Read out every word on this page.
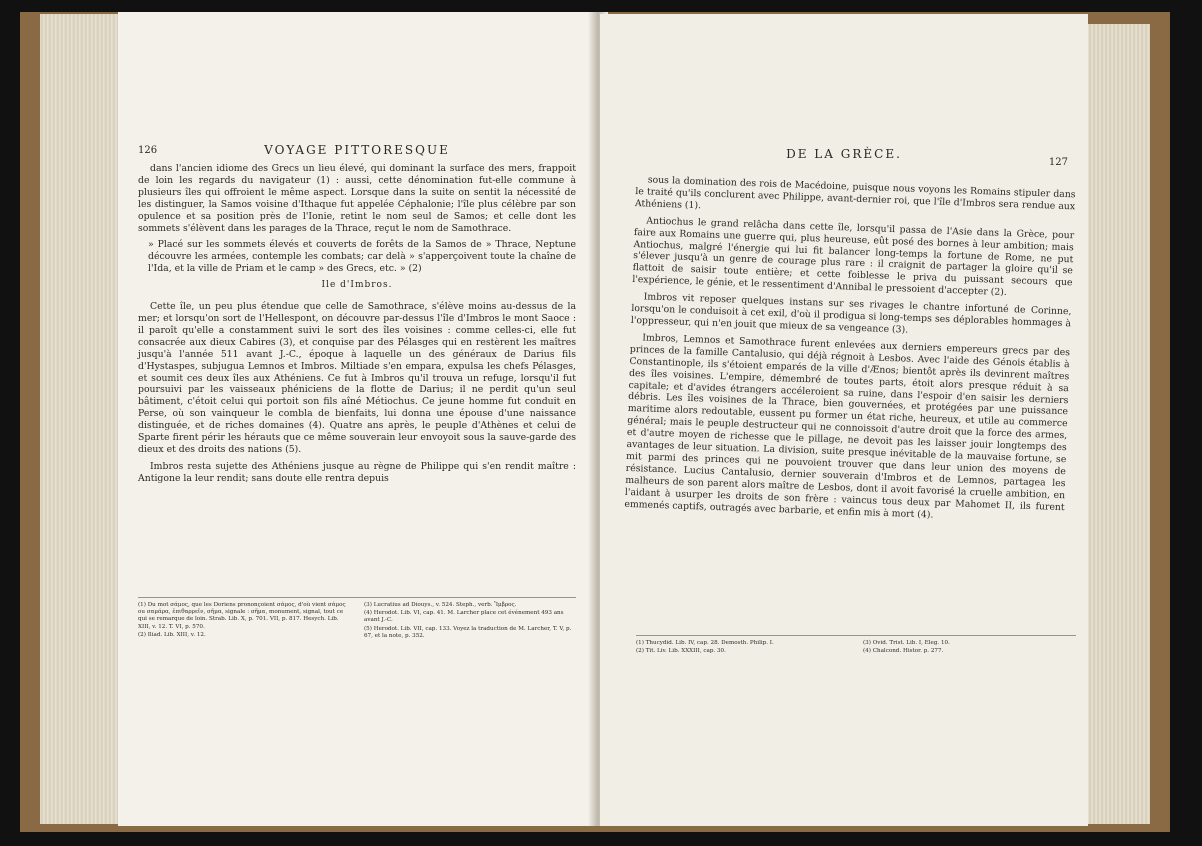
126	VOYAGE PITTORESQUE

dans l'ancien idiome des Grecs un lieu élevé, qui dominant la surface des mers, frappoit de loin les regards du navigateur (1) : aussi, cette dénomination fut-elle commune à plusieurs îles qui offroient le même aspect. Lorsque dans la suite on sentit la nécessité de les distinguer, la Samos voisine d'Ithaque fut appelée Céphalonie; l'île plus célèbre par son opulence et sa position près de l'Ionie, retint le nom seul de Samos; et celle dont les sommets s'élèvent dans les parages de la Thrace, reçut le nom de Samothrace.

» Placé sur les sommets élevés et couverts de forêts de la Samos de » Thrace, Neptune découvre les armées, contemple les combats; car delà » s'apperçoivent toute la chaîne de l'Ida, et la ville de Priam et le camp » des Grecs, etc. » (2)

Ile d'Imbros.

Cette île, un peu plus étendue que celle de Samothrace, s'élève moins au-dessus de la mer; et lorsqu'on sort de l'Hellespont, on découvre par-dessus l'île d'Imbros le mont Saoce : il paroît qu'elle a constamment suivi le sort des îles voisines : comme celles-ci, elle fut consacrée aux dieux Cabires (3), et conquise par des Pélasges qui en restèrent les maîtres jusqu'à l'année 511 avant J.-C., époque à laquelle un des généraux de Darius fils d'Hystaspes, subjugua Lemnos et Imbros. Miltiade s'en empara, expulsa les chefs Pélasges, et soumit ces deux îles aux Athéniens. Ce fut à Imbros qu'il trouva un refuge, lorsqu'il fut poursuivi par les vaisseaux phéniciens de la flotte de Darius; il ne perdit qu'un seul bâtiment, c'étoit celui qui portoit son fils aîné Métiochus. Ce jeune homme fut conduit en Perse, où son vainqueur le combla de bienfaits, lui donna une épouse d'une naissance distinguée, et de riches domaines (4). Quatre ans après, le peuple d'Athènes et celui de Sparte firent périr les hérauts que ce même souverain leur envoyoit sous la sauve-garde des dieux et des droits des nations (5).

Imbros resta sujette des Athéniens jusque au règne de Philippe qui s'en rendit maître : Antigone la leur rendit; sans doute elle rentra depuis

(1) Du mot σάμος, que les Doriens prononçoient σάμος, d'où vient σάμος ou σαμάρα, ἐπιθαρρεῖν, σῆμα, signale : σῆμα, monument, signal, tout ce qui se remarque de loin. Strab. Lib. X, p. 701. VII, p. 817. Hesych. Lib. XIII, v. 12. T. VI, p. 570.
(2) Iliad. Lib. XIII, v. 12.
(3) Lucratius ad Diouys., v. 524. Steph., verb. Ἴμβρος.
(4) Herodot. Lib. VI, cap. 41. M. Larcher place cet événement 493 ans avant J.-C.
(5) Herodot. Lib. VII, cap. 133. Voyez la traduction de M. Larcher, T. V, p. 67, et la note, p. 352.
DE LA GRÈCE.
127

sous la domination des rois de Macédoine, puisque nous voyons les Romains stipuler dans le traité qu'ils conclurent avec Philippe, avant-dernier roi, que l'île d'Imbros sera rendue aux Athéniens (1).

Antiochus le grand relâcha dans cette île, lorsqu'il passa de l'Asie dans la Grèce, pour faire aux Romains une guerre qui, plus heureuse, eût posé des bornes à leur ambition; mais Antiochus, malgré l'énergie qui lui fit balancer long-temps la fortune de Rome, ne put s'élever jusqu'à un genre de courage plus rare : il craignit de partager la gloire qu'il se flattoit de saisir toute entière; et cette foiblesse le priva du puissant secours que l'expérience, le génie, et le ressentiment d'Annibal le pressoient d'accepter (2).

Imbros vit reposer quelques instans sur ses rivages le chantre infortuné de Corinne, lorsqu'on le conduisoit à cet exil, d'où il prodigua si long-temps ses déplorables hommages à l'oppresseur, qui n'en jouit que mieux de sa vengeance (3).

Imbros, Lemnos et Samothrace furent enlevées aux derniers empereurs grecs par des princes de la famille Cantalusio, qui déjà régnoit à Lesbos. Avec l'aide des Génois établis à Constantinople, ils s'étoient emparés de la ville d'Ænos; bientôt après ils devinrent maîtres des îles voisines. L'empire, démembré de toutes parts, étoit alors presque réduit à sa capitale; et d'avides étrangers accéleroient sa ruine, dans l'espoir d'en saisir les derniers débris. Les îles voisines de la Thrace, bien gouvernées, et protégées par une puissance maritime alors redoutable, eussent pu former un état riche, heureux, et utile au commerce général; mais le peuple destructeur qui ne connoissoit d'autre droit que la force des armes, et d'autre moyen de richesse que le pillage, ne devoit pas les laisser jouir longtemps des avantages de leur situation. La division, suite presque inévitable de la mauvaise fortune, se mit parmi des princes qui ne pouvoient trouver que dans leur union des moyens de résistance. Lucius Cantalusio, dernier souverain d'Imbros et de Lemnos, partagea les malheurs de son parent alors maître de Lesbos, dont il avoit favorisé la cruelle ambition, en l'aidant à usurper les droits de son frère : vaincus tous deux par Mahomet II, ils furent emmenés captifs, outragés avec barbarie, et enfin mis à mort (4).

(1) Thucydid. Lib. IV, cap. 28. Demosth. Philip. I.
(2) Tit. Liv. Lib. XXXIII, cap. 30.
(3) Ovid. Trist. Lib. I, Eleg. 10.
(4) Chalcond. Histor. p. 277.
